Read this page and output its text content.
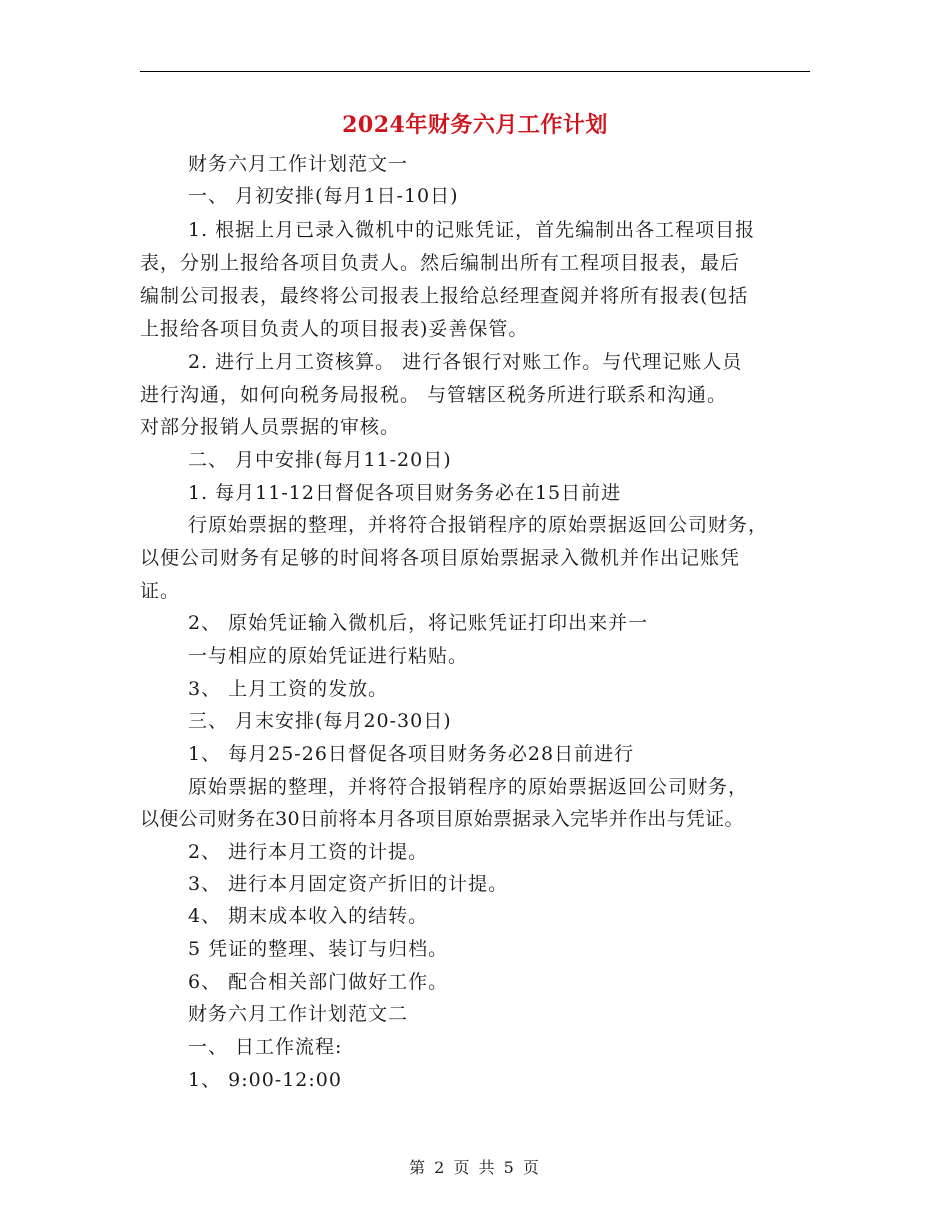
2024年财务六月工作计划
财务六月工作计划范文一
一、 月初安排(每月1日-10日)
1. 根据上月已录入微机中的记账凭证，首先编制出各工程项目报
表，分别上报给各项目负责人。然后编制出所有工程项目报表，最后
编制公司报表，最终将公司报表上报给总经理查阅并将所有报表(包括
上报给各项目负责人的项目报表)妥善保管。
2. 进行上月工资核算。 进行各银行对账工作。与代理记账人员
进行沟通，如何向税务局报税。 与管辖区税务所进行联系和沟通。
对部分报销人员票据的审核。
二、 月中安排(每月11-20日)
1. 每月11-12日督促各项目财务务必在15日前进
行原始票据的整理，并将符合报销程序的原始票据返回公司财务，
以便公司财务有足够的时间将各项目原始票据录入微机并作出记账凭
证。
2、 原始凭证输入微机后，将记账凭证打印出来并一
一与相应的原始凭证进行粘贴。
3、 上月工资的发放。
三、 月末安排(每月20-30日)
1、 每月25-26日督促各项目财务务必28日前进行
原始票据的整理，并将符合报销程序的原始票据返回公司财务，
以便公司财务在30日前将本月各项目原始票据录入完毕并作出与凭证。
2、 进行本月工资的计提。
3、 进行本月固定资产折旧的计提。
4、 期末成本收入的结转。
5 凭证的整理、装订与归档。
6、 配合相关部门做好工作。
财务六月工作计划范文二
一、 日工作流程:
1、 9:00-12:00
第 2 页 共 5 页
